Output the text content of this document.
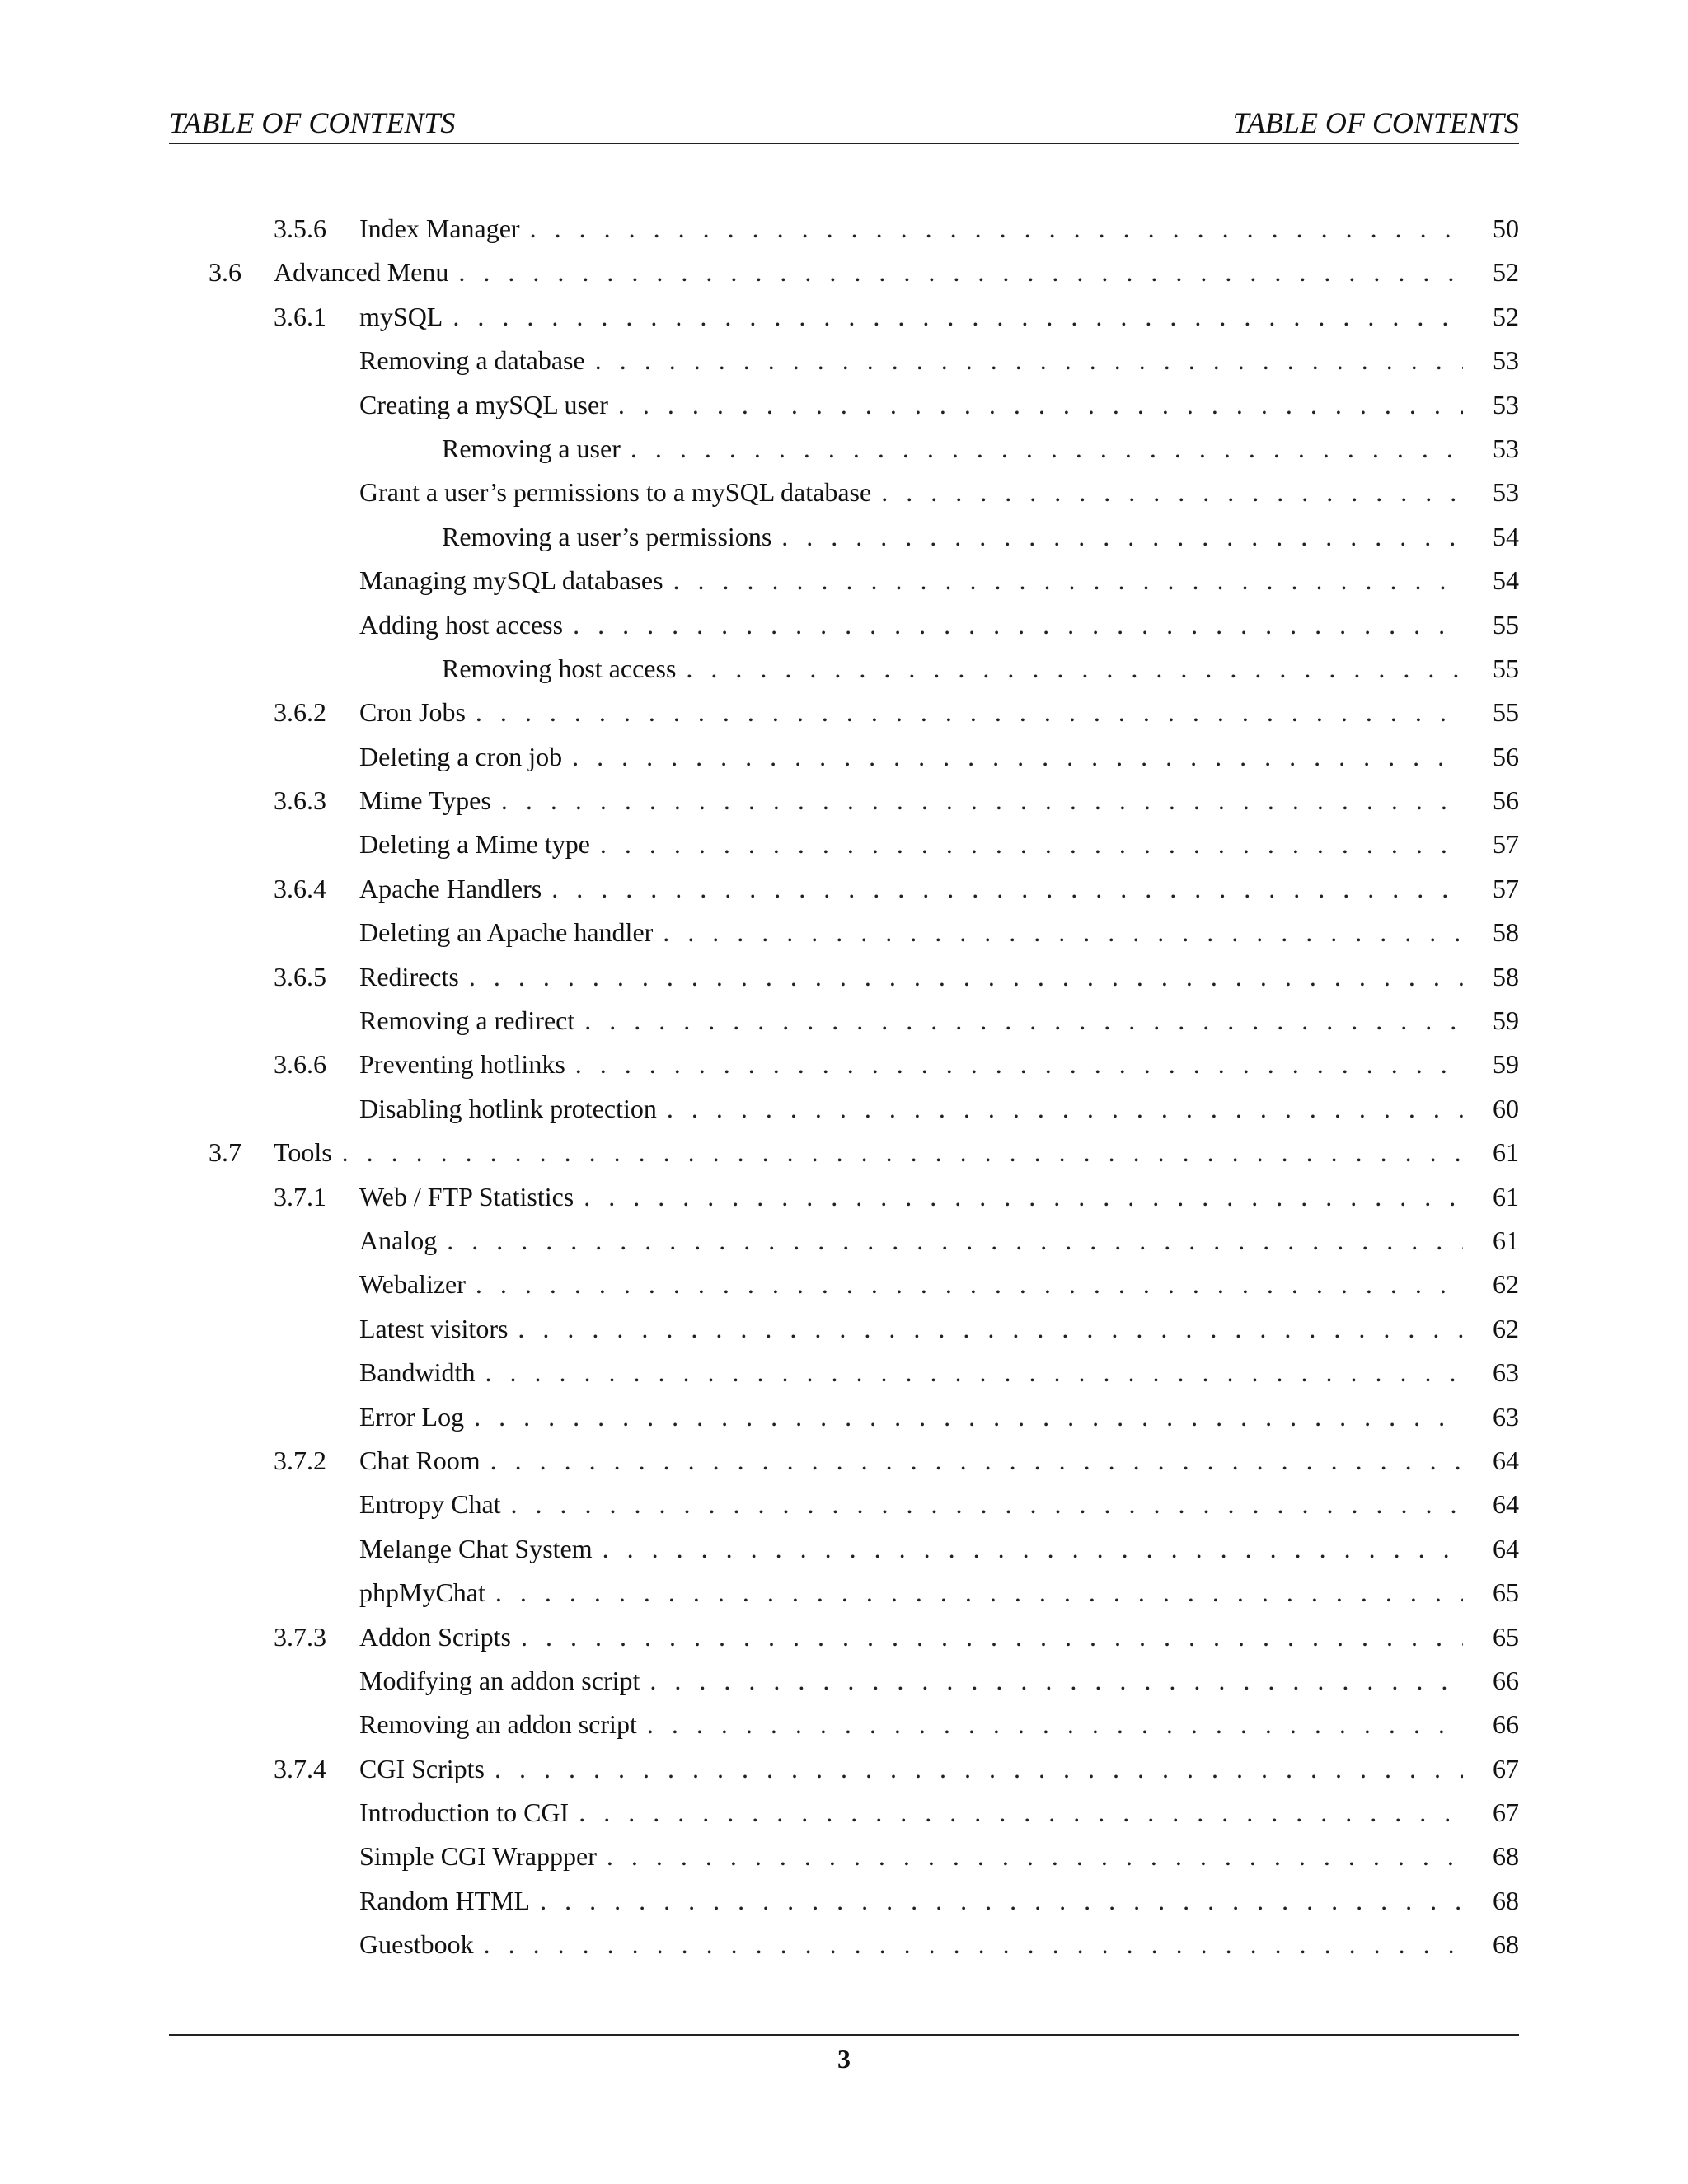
TABLE OF CONTENTS	TABLE OF CONTENTS
3.5.6 Index Manager . . .	50
3.6 Advanced Menu . . .	52
3.6.1 mySQL . . .	52
Removing a database . . .	53
Creating a mySQL user . . .	53
Removing a user . . .	53
Grant a user’s permissions to a mySQL database . . .	53
Removing a user’s permissions . . .	54
Managing mySQL databases . . .	54
Adding host access . . .	55
Removing host access . . .	55
3.6.2 Cron Jobs . . .	55
Deleting a cron job . . .	56
3.6.3 Mime Types . . .	56
Deleting a Mime type . . .	57
3.6.4 Apache Handlers . . .	57
Deleting an Apache handler . . .	58
3.6.5 Redirects . . .	58
Removing a redirect . . .	59
3.6.6 Preventing hotlinks . . .	59
Disabling hotlink protection . . .	60
3.7 Tools . . .	61
3.7.1 Web / FTP Statistics . . .	61
Analog . . .	61
Webalizer . . .	62
Latest visitors . . .	62
Bandwidth . . .	63
Error Log . . .	63
3.7.2 Chat Room . . .	64
Entropy Chat . . .	64
Melange Chat System . . .	64
phpMyChat . . .	65
3.7.3 Addon Scripts . . .	65
Modifying an addon script . . .	66
Removing an addon script . . .	66
3.7.4 CGI Scripts . . .	67
Introduction to CGI . . .	67
Simple CGI Wrappper . . .	68
Random HTML . . .	68
Guestbook . . .	68
3
